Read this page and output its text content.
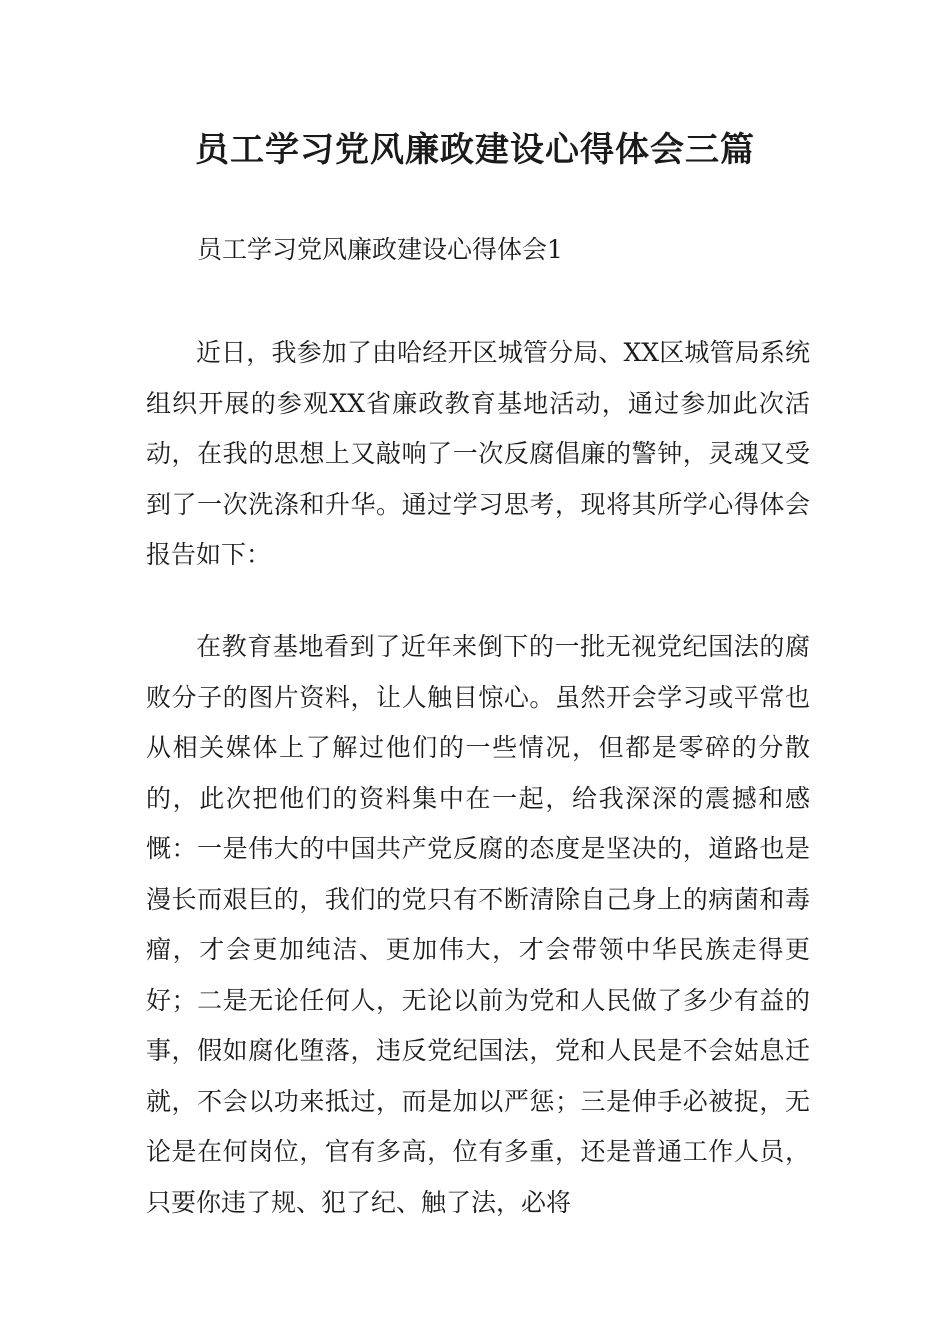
员工学习党风廉政建设心得体会三篇

员工学习党风廉政建设心得体会1

近日，我参加了由哈经开区城管分局、XX区城管局系统组织开展的参观XX省廉政教育基地活动，通过参加此次活动，在我的思想上又敲响了一次反腐倡廉的警钟，灵魂又受到了一次洗涤和升华。通过学习思考，现将其所学心得体会报告如下：

在教育基地看到了近年来倒下的一批无视党纪国法的腐败分子的图片资料，让人触目惊心。虽然开会学习或平常也从相关媒体上了解过他们的一些情况，但都是零碎的分散的，此次把他们的资料集中在一起，给我深深的震撼和感慨：一是伟大的中国共产党反腐的态度是坚决的，道路也是漫长而艰巨的，我们的党只有不断清除自己身上的病菌和毒瘤，才会更加纯洁、更加伟大，才会带领中华民族走得更好；二是无论任何人，无论以前为党和人民做了多少有益的事，假如腐化堕落，违反党纪国法，党和人民是不会姑息迁就，不会以功来抵过，而是加以严惩；三是伸手必被捉，无论是在何岗位，官有多高，位有多重，还是普通工作人员，只要你违了规、犯了纪、触了法，必将
